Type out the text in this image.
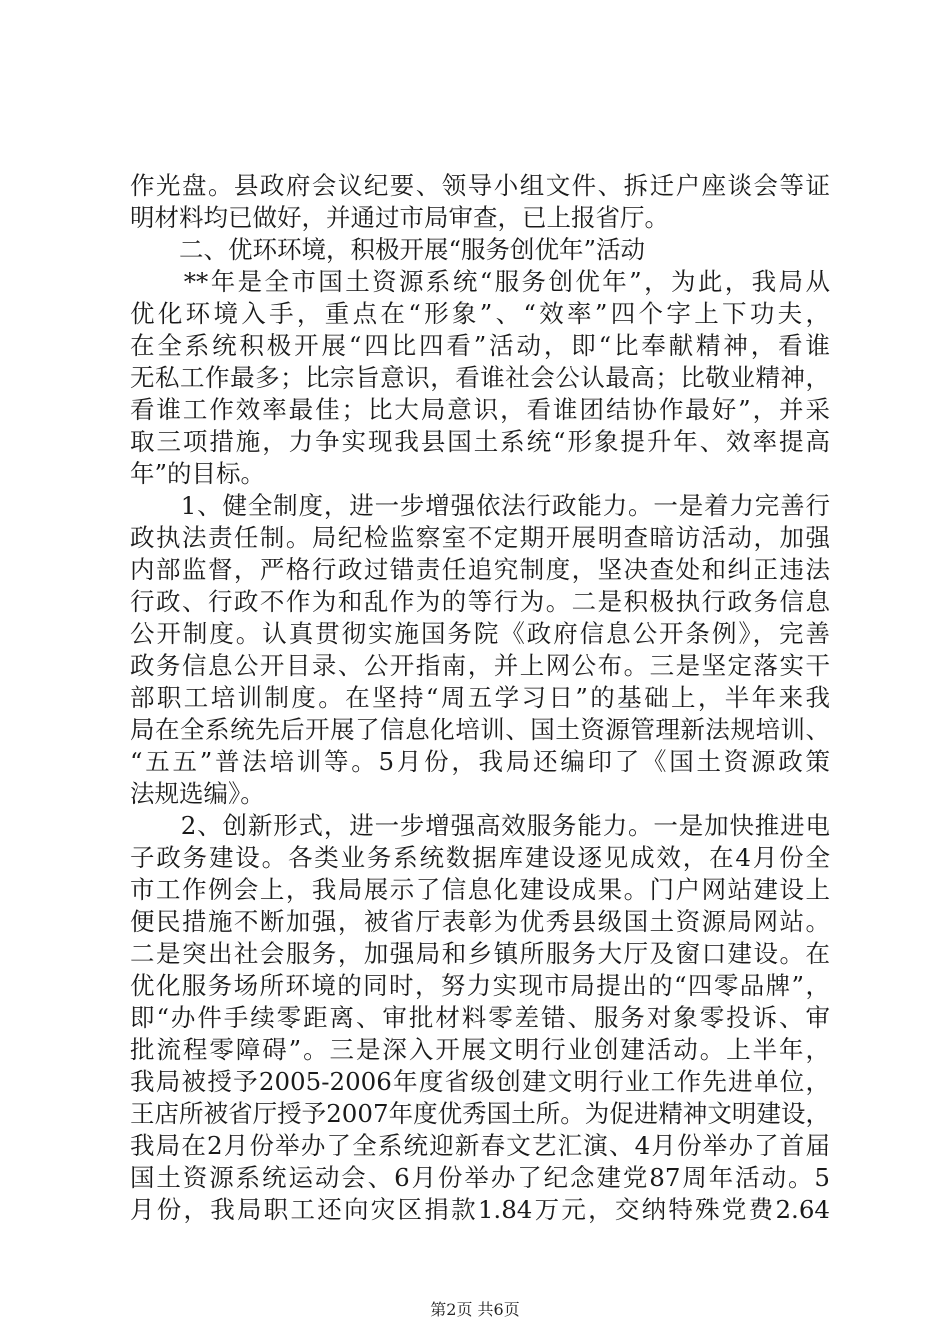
作光盘。县政府会议纪要、领导小组文件、拆迁户座谈会等证
明材料均已做好，并通过市局审查，已上报省厅。
　　二、优环环境，积极开展“服务创优年”活动
　　**年是全市国土资源系统“服务创优年”，为此，我局从
优化环境入手，重点在“形象”、“效率”四个字上下功夫，
在全系统积极开展“四比四看”活动，即“比奉献精神，看谁
无私工作最多；比宗旨意识，看谁社会公认最高；比敬业精神，
看谁工作效率最佳；比大局意识，看谁团结协作最好”，并采
取三项措施，力争实现我县国土系统“形象提升年、效率提高
年”的目标。
　　1、健全制度，进一步增强依法行政能力。一是着力完善行
政执法责任制。局纪检监察室不定期开展明查暗访活动，加强
内部监督，严格行政过错责任追究制度，坚决查处和纠正违法
行政、行政不作为和乱作为的等行为。二是积极执行政务信息
公开制度。认真贯彻实施国务院《政府信息公开条例》，完善
政务信息公开目录、公开指南，并上网公布。三是坚定落实干
部职工培训制度。在坚持“周五学习日”的基础上，半年来我
局在全系统先后开展了信息化培训、国土资源管理新法规培训、
“五五”普法培训等。5月份，我局还编印了《国土资源政策
法规选编》。
　　2、创新形式，进一步增强高效服务能力。一是加快推进电
子政务建设。各类业务系统数据库建设逐见成效，在4月份全
市工作例会上，我局展示了信息化建设成果。门户网站建设上
便民措施不断加强，被省厅表彰为优秀县级国土资源局网站。
二是突出社会服务，加强局和乡镇所服务大厅及窗口建设。在
优化服务场所环境的同时，努力实现市局提出的“四零品牌”，
即“办件手续零距离、审批材料零差错、服务对象零投诉、审
批流程零障碍”。三是深入开展文明行业创建活动。上半年，
我局被授予2005-2006年度省级创建文明行业工作先进单位，
王店所被省厅授予2007年度优秀国土所。为促进精神文明建设，
我局在2月份举办了全系统迎新春文艺汇演、4月份举办了首届
国土资源系统运动会、6月份举办了纪念建党87周年活动。5
月份，我局职工还向灾区捐款1.84万元，交纳特殊党费2.64
第2页 共6页
